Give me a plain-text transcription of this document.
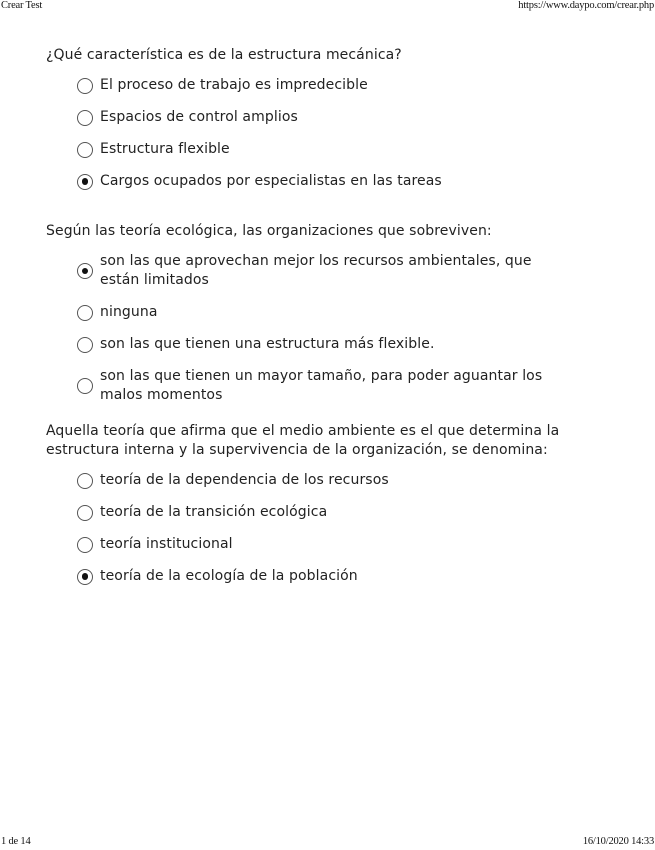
Crear Test	https://www.daypo.com/crear.php
¿Qué característica es de la estructura mecánica?
El proceso de trabajo es impredecible
Espacios de control amplios
Estructura flexible
Cargos ocupados por especialistas en las tareas
Según las teoría ecológica, las organizaciones que sobreviven:
son las que aprovechan mejor los recursos ambientales, que están limitados
ninguna
son las que tienen una estructura más flexible.
son las que tienen un mayor tamaño, para poder aguantar los malos momentos
Aquella teoría que afirma que el medio ambiente es el que determina la estructura interna y la supervivencia de la organización, se denomina:
teoría de la dependencia de los recursos
teoría de la transición ecológica
teoría institucional
teoría de la ecología de la población
1 de 14	16/10/2020 14:33
